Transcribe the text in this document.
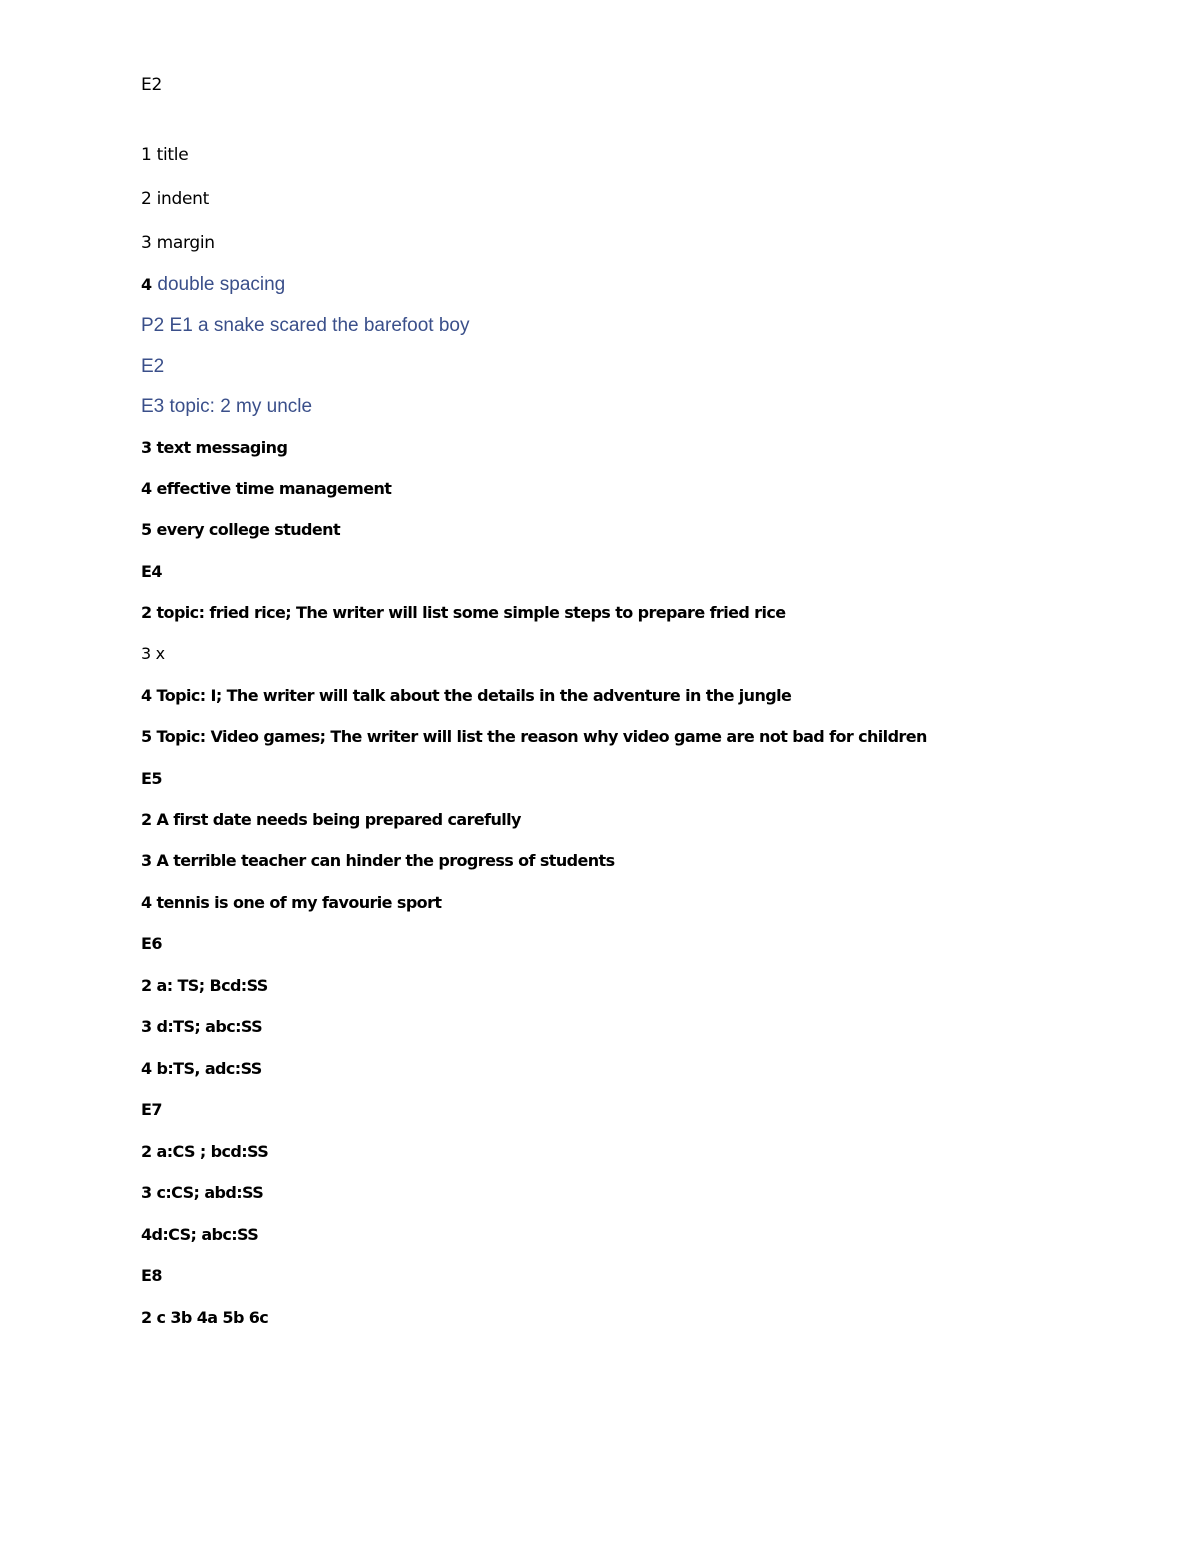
E2
1 title
2 indent
3 margin
4 double spacing
P2 E1 a snake scared the barefoot boy
E2
E3 topic: 2 my uncle
3 text messaging
4 effective time management
5 every college student
E4
2 topic: fried rice; The writer will list some simple steps to prepare fried rice
3 x
4 Topic: I; The writer will talk about the details in the adventure in the jungle
5 Topic: Video games; The writer will list the reason why video game are not bad for children
E5
2 A first date needs being prepared carefully
3 A terrible teacher can hinder the progress of students
4 tennis is one of my favourie sport
E6
2 a: TS; Bcd:SS
3 d:TS; abc:SS
4 b:TS, adc:SS
E7
2 a:CS ; bcd:SS
3 c:CS; abd:SS
4d:CS; abc:SS
E8
2 c 3b 4a 5b 6c
